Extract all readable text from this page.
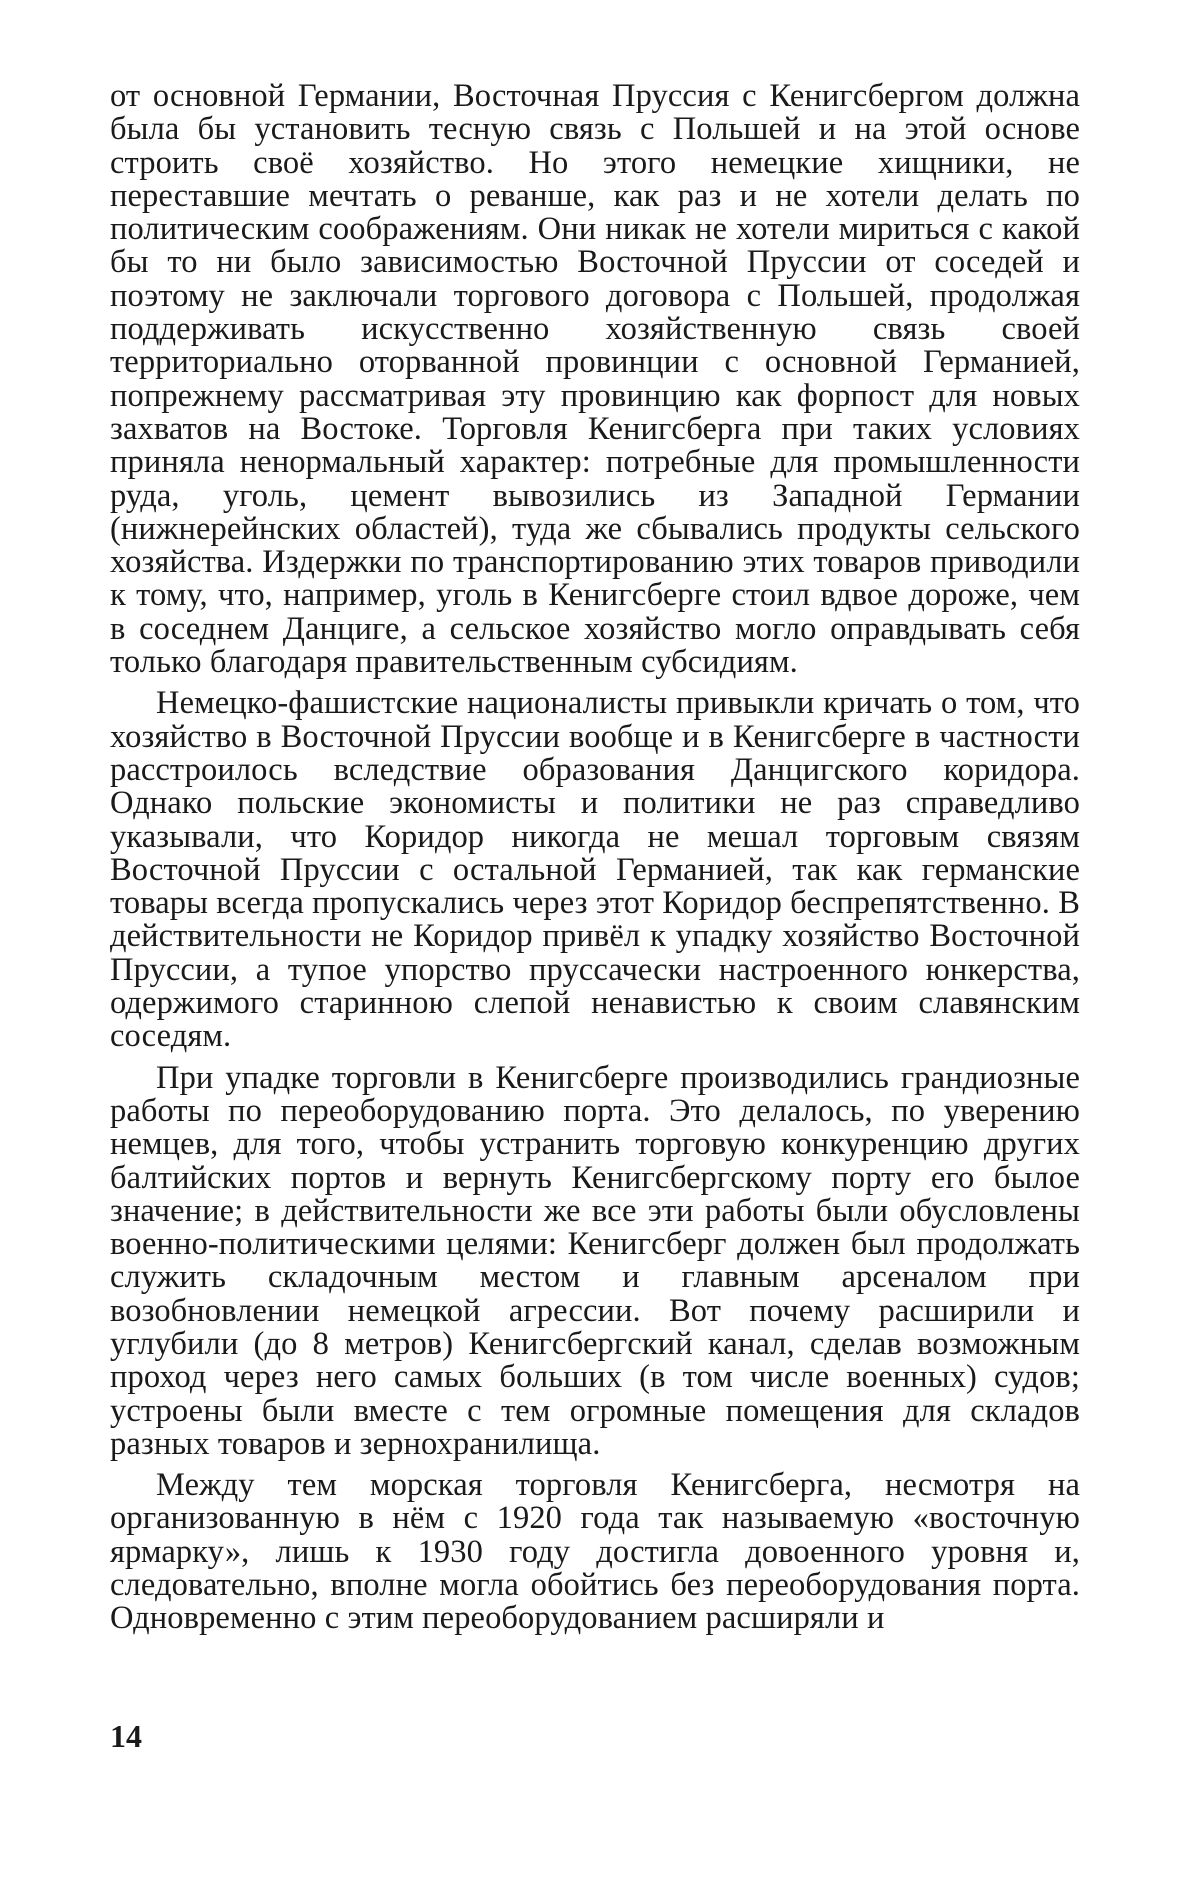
от основной Германии, Восточная Пруссия с Кенигсбергом должна была бы установить тесную связь с Польшей и на этой основе строить своё хозяйство. Но этого немецкие хищники, не переставшие мечтать о реванше, как раз и не хотели делать по политическим соображениям. Они никак не хотели мириться с какой бы то ни было зависимостью Восточной Пруссии от соседей и поэтому не заключали торгового договора с Польшей, продолжая поддерживать искусственно хозяйственную связь своей территориально оторванной провинции с основной Германией, попрежнему рассматривая эту провинцию как форпост для новых захватов на Востоке. Торговля Кенигсберга при таких условиях приняла ненормальный характер: потребные для промышленности руда, уголь, цемент вывозились из Западной Германии (нижнерейнских областей), туда же сбывались продукты сельского хозяйства. Издержки по транспортированию этих товаров приводили к тому, что, например, уголь в Кенигсберге стоил вдвое дороже, чем в соседнем Данциге, а сельское хозяйство могло оправдывать себя только благодаря правительственным субсидиям.

Немецко-фашистские националисты привыкли кричать о том, что хозяйство в Восточной Пруссии вообще и в Кенигсберге в частности расстроилось вследствие образования Данцигского коридора. Однако польские экономисты и политики не раз справедливо указывали, что Коридор никогда не мешал торговым связям Восточной Пруссии с остальной Германией, так как германские товары всегда пропускались через этот Коридор беспрепятственно. В действительности не Коридор привёл к упадку хозяйство Восточной Пруссии, а тупое упорство пруссачески настроенного юнкерства, одержимого старинною слепой ненавистью к своим славянским соседям.

При упадке торговли в Кенигсберге производились грандиозные работы по переоборудованию порта. Это делалось, по уверению немцев, для того, чтобы устранить торговую конкуренцию других балтийских портов и вернуть Кенигсбергскому порту его былое значение; в действительности же все эти работы были обусловлены военно-политическими целями: Кенигсберг должен был продолжать служить складочным местом и главным арсеналом при возобновлении немецкой агрессии. Вот почему расширили и углубили (до 8 метров) Кенигсбергский канал, сделав возможным проход через него самых больших (в том числе военных) судов; устроены были вместе с тем огромные помещения для складов разных товаров и зернохранилища.

Между тем морская торговля Кенигсберга, несмотря на организованную в нём с 1920 года так называемую «восточную ярмарку», лишь к 1930 году достигла довоенного уровня и, следовательно, вполне могла обойтись без переоборудования порта. Одновременно с этим переоборудованием расширяли и

14
